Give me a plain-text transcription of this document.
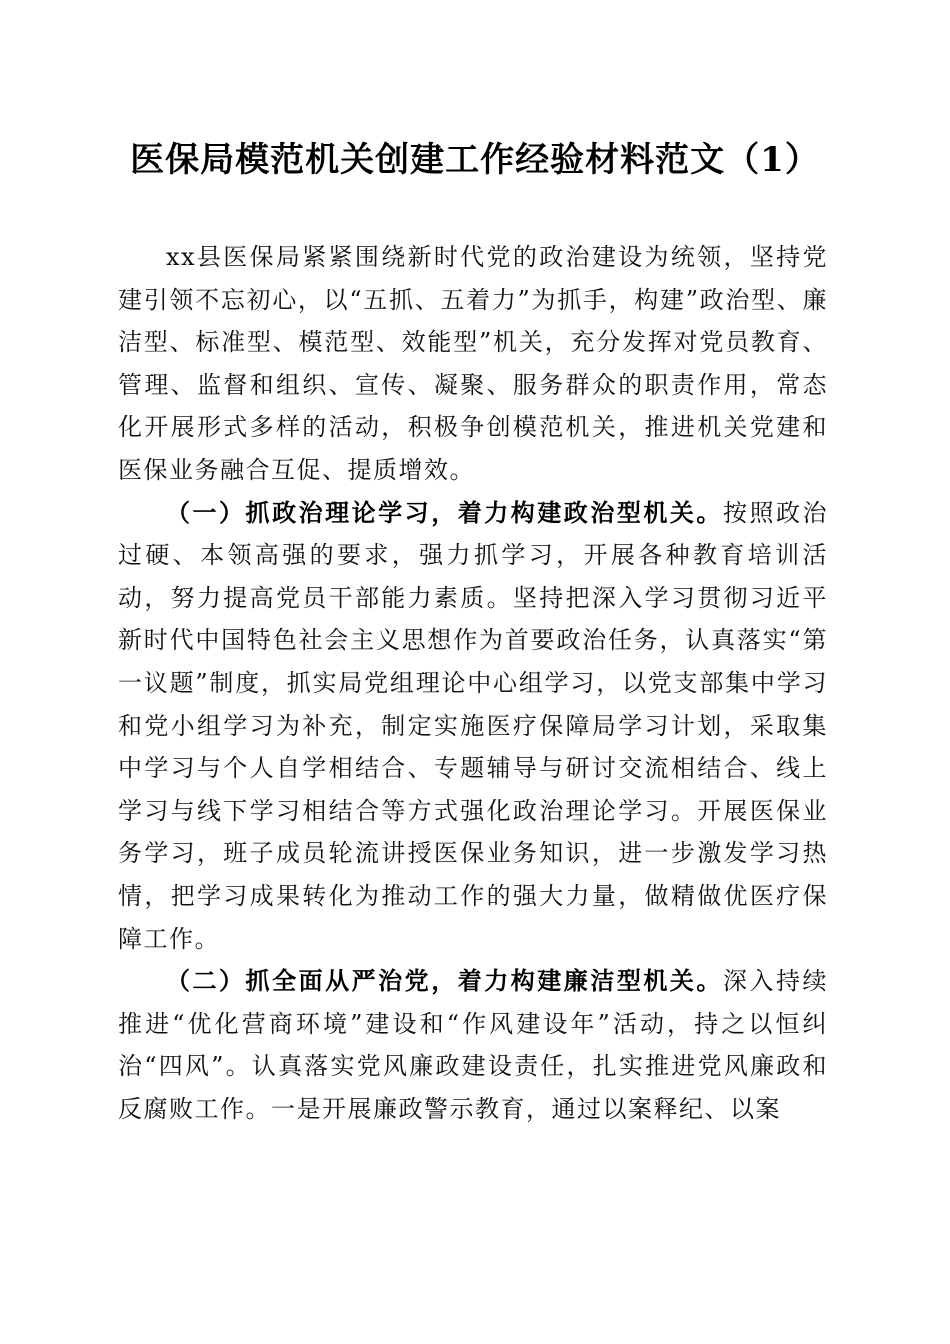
医保局模范机关创建工作经验材料范文（1）

xx县医保局紧紧围绕新时代党的政治建设为统领，坚持党建引领不忘初心，以“五抓、五着力”为抓手，构建”政治型、廉洁型、标准型、模范型、效能型”机关，充分发挥对党员教育、管理、监督和组织、宣传、凝聚、服务群众的职责作用，常态化开展形式多样的活动，积极争创模范机关，推进机关党建和医保业务融合互促、提质增效。

（一）抓政治理论学习，着力构建政治型机关。按照政治过硬、本领高强的要求，强力抓学习，开展各种教育培训活动，努力提高党员干部能力素质。坚持把深入学习贯彻习近平新时代中国特色社会主义思想作为首要政治任务，认真落实“第一议题”制度，抓实局党组理论中心组学习，以党支部集中学习和党小组学习为补充，制定实施医疗保障局学习计划，采取集中学习与个人自学相结合、专题辅导与研讨交流相结合、线上学习与线下学习相结合等方式强化政治理论学习。开展医保业务学习，班子成员轮流讲授医保业务知识，进一步激发学习热情，把学习成果转化为推动工作的强大力量，做精做优医疗保障工作。

（二）抓全面从严治党，着力构建廉洁型机关。深入持续推进“优化营商环境”建设和“作风建设年”活动，持之以恒纠治“四风”。认真落实党风廉政建设责任，扎实推进党风廉政和反腐败工作。一是开展廉政警示教育，通过以案释纪、以案
